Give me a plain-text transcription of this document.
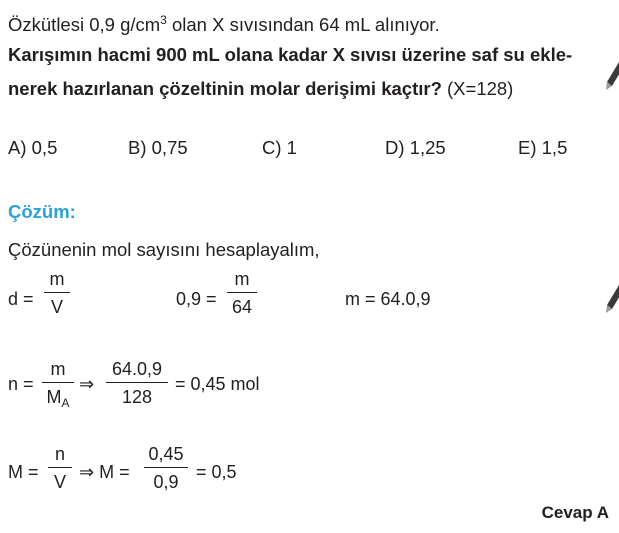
Özkütlesi 0,9 $g/cm^3$ olan X sıvısından 64 mL alınıyor.
Karışımın hacmi 900 mL olana kadar X sıvısı üzerine saf su ekle-
nerek hazırlanan çözeltinin molar derişimi kaçtır? (X=128)
A) 0,5	B) 0,75	C) 1	D) 1,25	E) 1,5
Çözüm:
Çözünenin mol sayısını hesaplayalım,
d =
m
V	0,9 =
m
64	m = 64.0,9
n =
m
$M_A$
⇒
64.0,9
128
= 0,45 mol
M =
n
V
⇒ M =
0,45
0,9
= 0,5
Cevap A
